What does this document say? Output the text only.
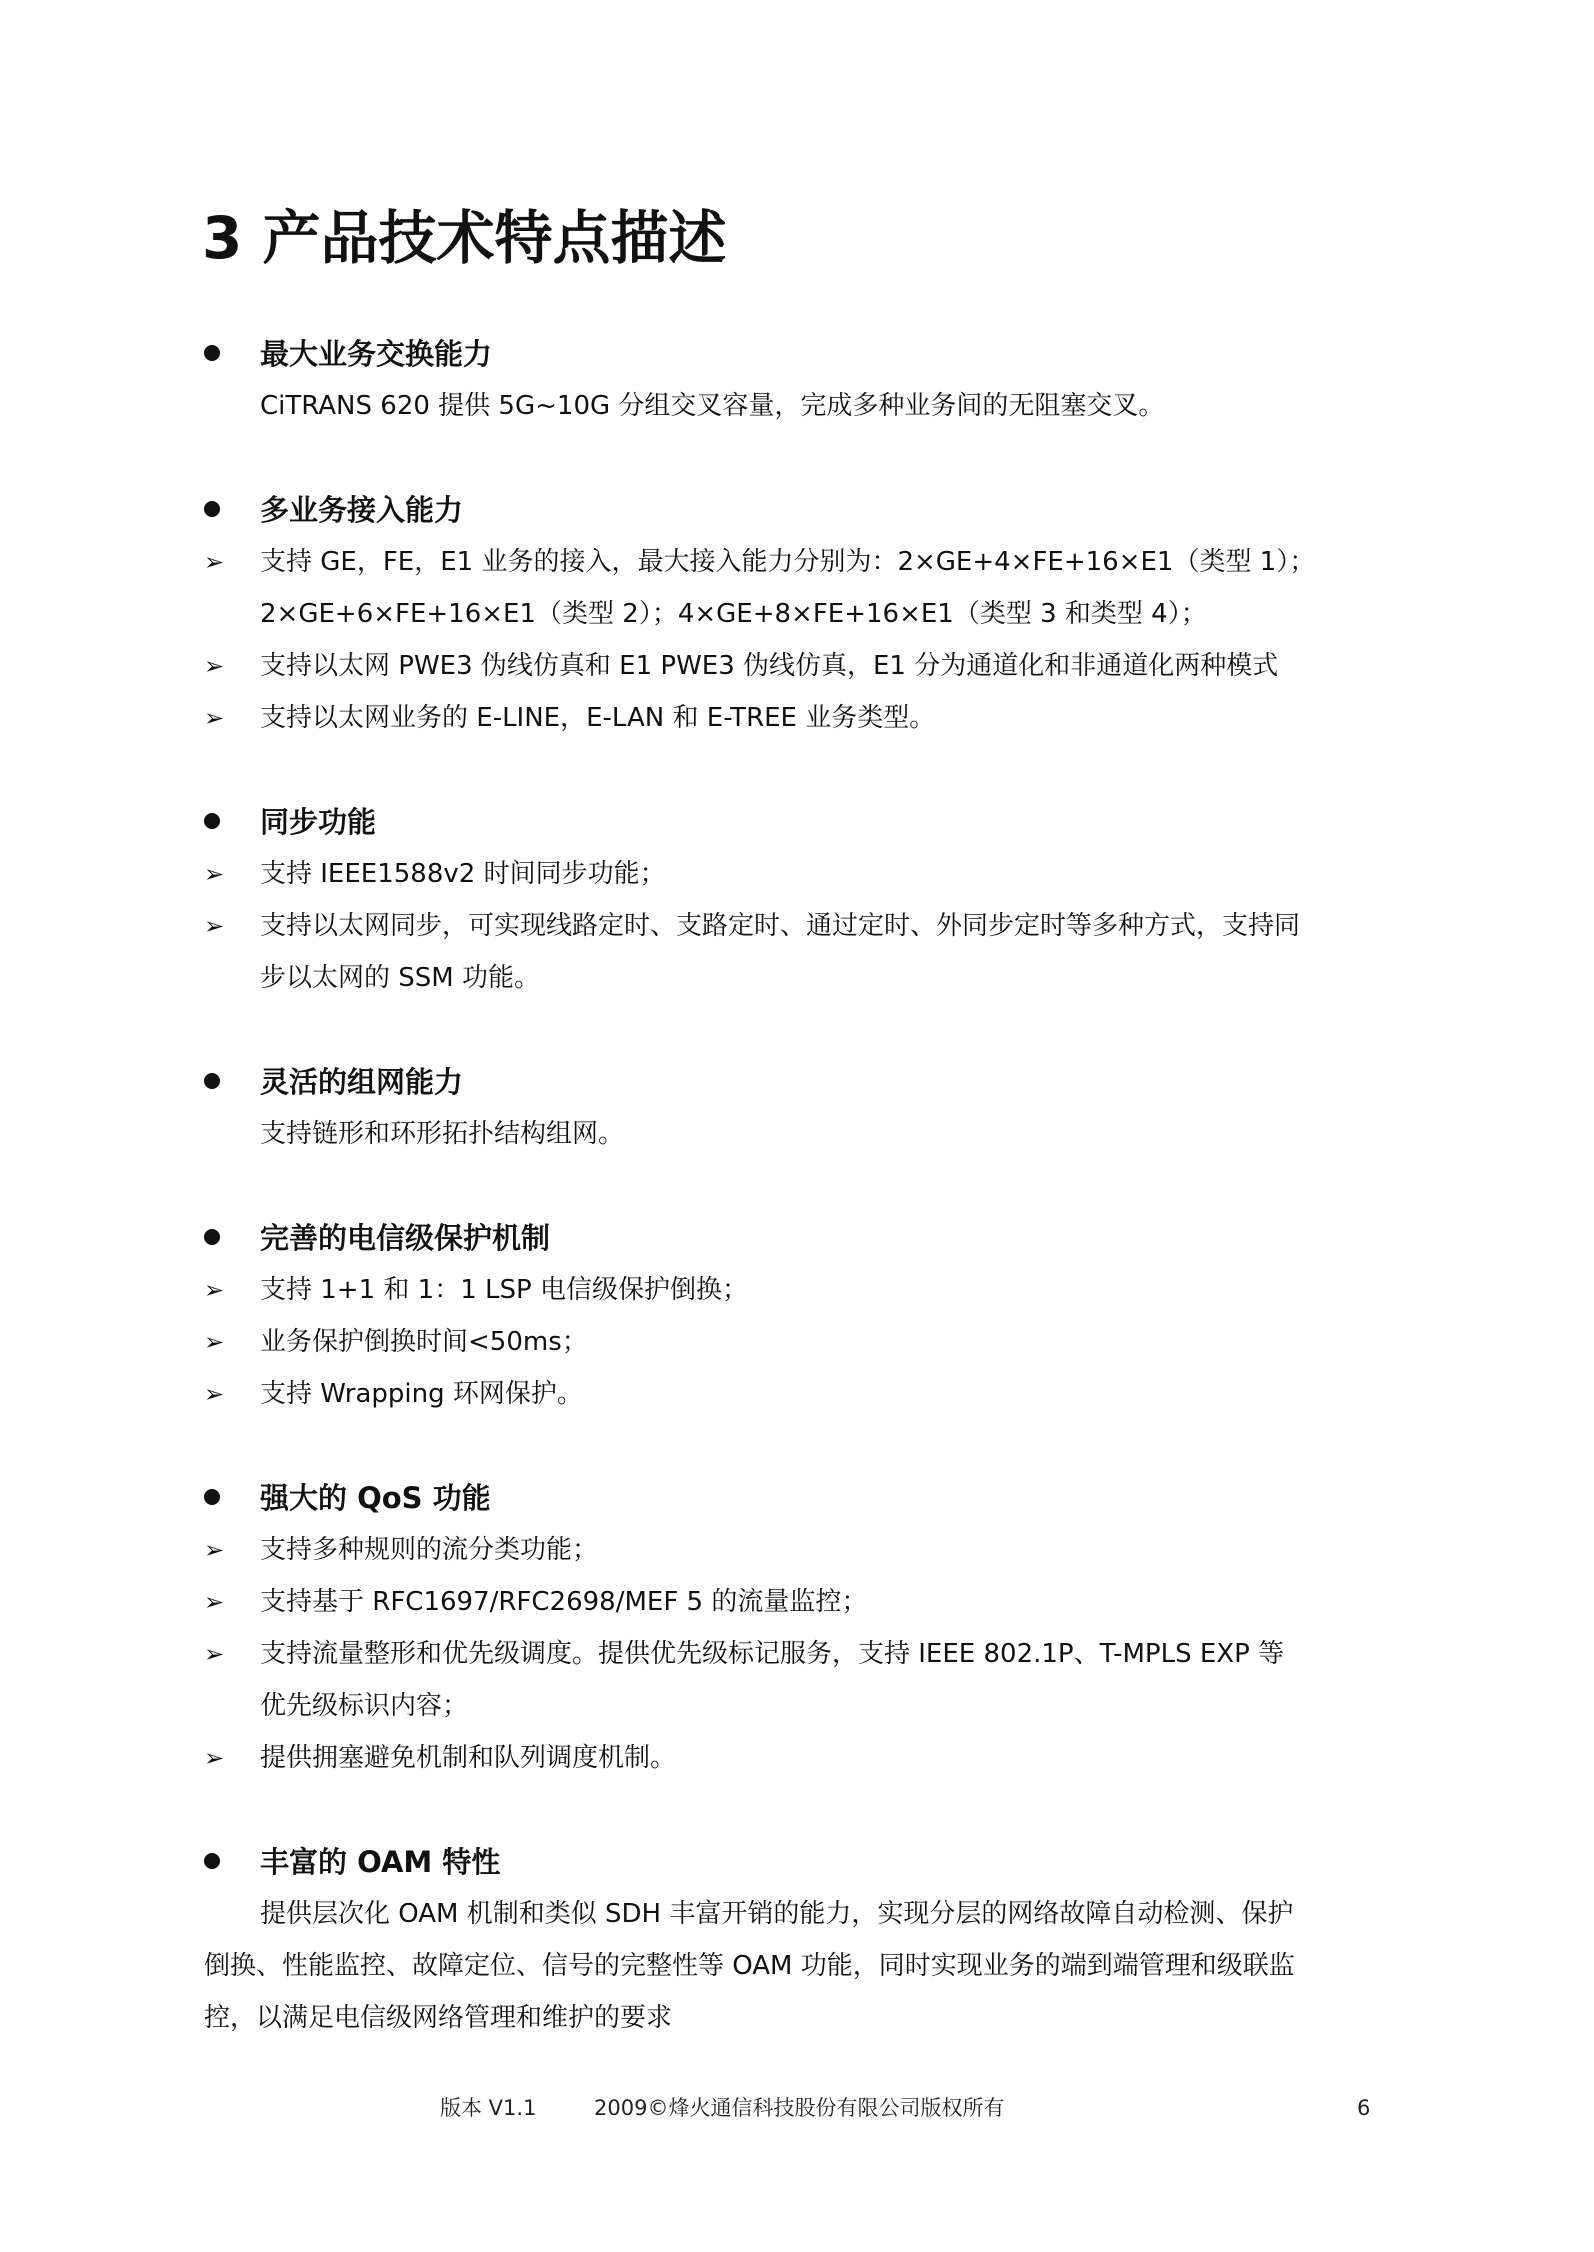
3 产品技术特点描述
最大业务交换能力
CiTRANS 620 提供 5G~10G 分组交叉容量，完成多种业务间的无阻塞交叉。
多业务接入能力
➢ 支持 GE，FE，E1 业务的接入，最大接入能力分别为：2×GE+4×FE+16×E1（类型 1）；
2×GE+6×FE+16×E1（类型 2）；4×GE+8×FE+16×E1（类型 3 和类型 4）；
➢ 支持以太网 PWE3 伪线仿真和 E1 PWE3 伪线仿真，E1 分为通道化和非通道化两种模式
➢ 支持以太网业务的 E-LINE，E-LAN 和 E-TREE 业务类型。
同步功能
➢ 支持 IEEE1588v2 时间同步功能；
➢ 支持以太网同步，可实现线路定时、支路定时、通过定时、外同步定时等多种方式，支持同
步以太网的 SSM 功能。
灵活的组网能力
支持链形和环形拓扑结构组网。
完善的电信级保护机制
➢ 支持 1+1 和 1：1 LSP 电信级保护倒换；
➢ 业务保护倒换时间<50ms；
➢ 支持 Wrapping 环网保护。
强大的 QoS 功能
➢ 支持多种规则的流分类功能；
➢ 支持基于 RFC1697/RFC2698/MEF 5 的流量监控；
➢ 支持流量整形和优先级调度。提供优先级标记服务，支持 IEEE 802.1P、T-MPLS EXP 等
优先级标识内容；
➢ 提供拥塞避免机制和队列调度机制。
丰富的 OAM 特性
提供层次化 OAM 机制和类似 SDH 丰富开销的能力，实现分层的网络故障自动检测、保护
倒换、性能监控、故障定位、信号的完整性等 OAM 功能，同时实现业务的端到端管理和级联监
控，以满足电信级网络管理和维护的要求
版本 V1.1	2009©烽火通信科技股份有限公司版权所有	6
